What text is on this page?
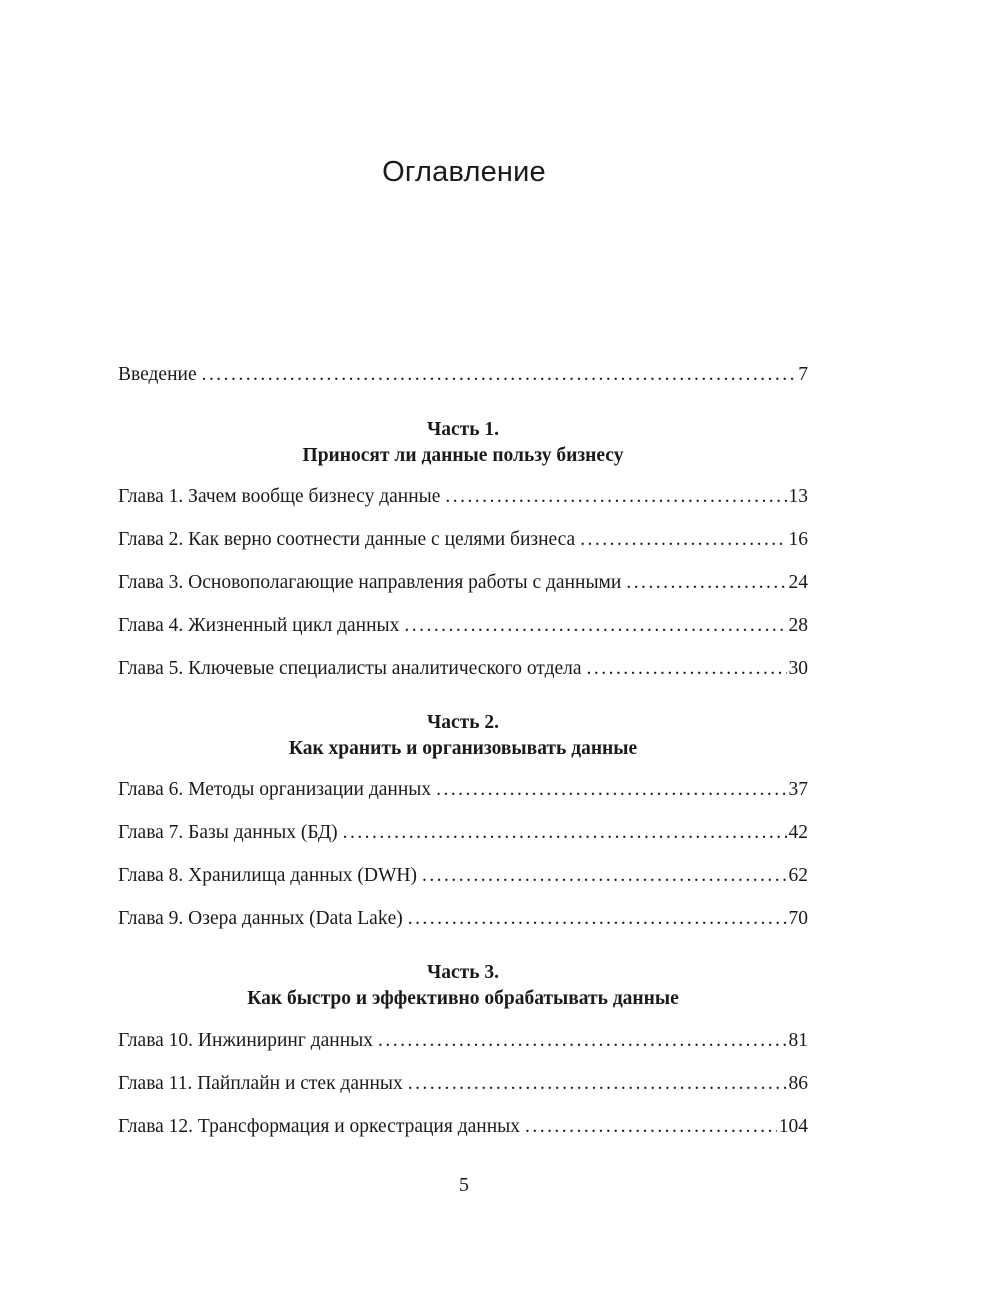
Оглавление
Введение . . .	7
Часть 1.
Приносят ли данные пользу бизнесу
Глава 1. Зачем вообще бизнесу данные . . .	13
Глава 2. Как верно соотнести данные с целями бизнеса . . .	16
Глава 3. Основополагающие направления работы с данными . . .	24
Глава 4. Жизненный цикл данных . . .	28
Глава 5. Ключевые специалисты аналитического отдела . . .	30
Часть 2.
Как хранить и организовывать данные
Глава 6. Методы организации данных . . .	37
Глава 7. Базы данных (БД) . . .	42
Глава 8. Хранилища данных (DWH) . . .	62
Глава 9. Озера данных (Data Lake) . . .	70
Часть 3.
Как быстро и эффективно обрабатывать данные
Глава 10. Инжиниринг данных . . .	81
Глава 11. Пайплайн и стек данных . . .	86
Глава 12. Трансформация и оркестрация данных . . .	104
5
